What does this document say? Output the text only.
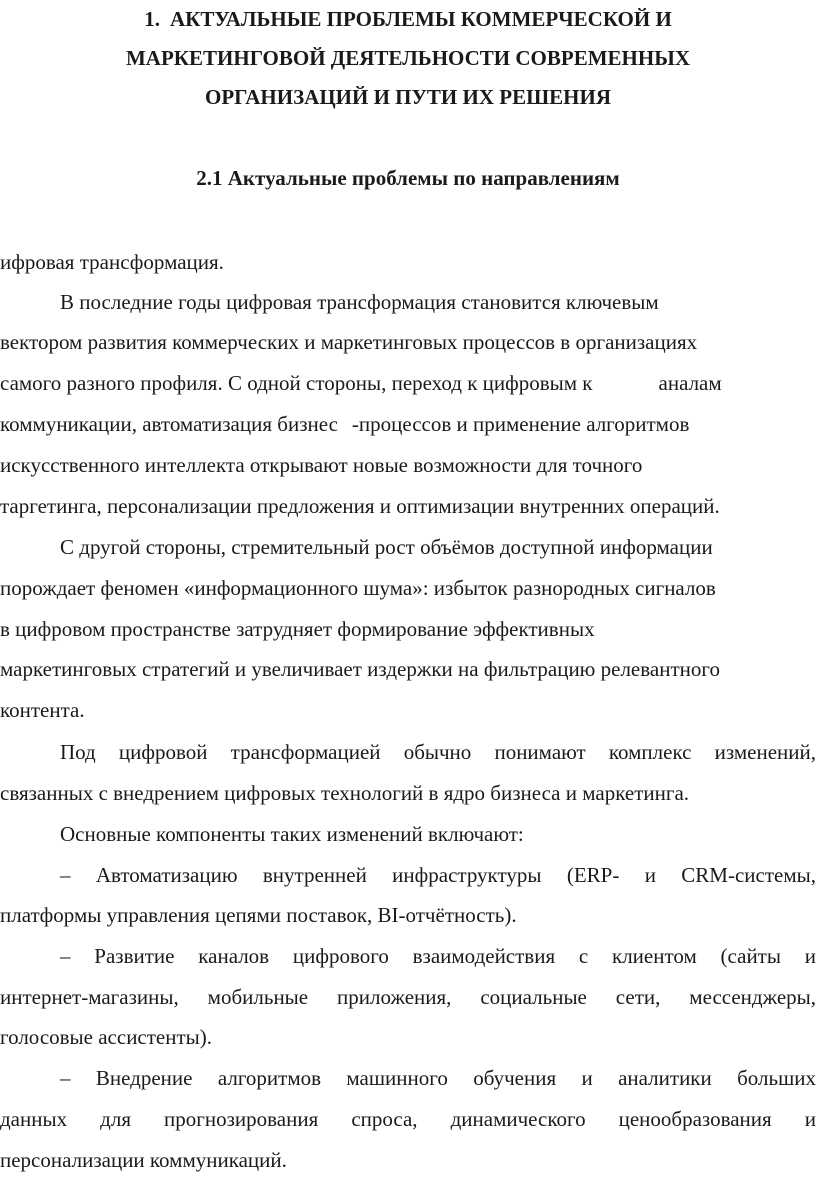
1. АКТУАЛЬНЫЕ ПРОБЛЕМЫ КОММЕРЧЕСКОЙ И
МАРКЕТИНГОВОЙ ДЕЯТЕЛЬНОСТИ СОВРЕМЕННЫХ
ОРГАНИЗАЦИЙ И ПУТИ ИХ РЕШЕНИЯ
2.1 Актуальные проблемы по направлениям

ифровая трансформация.

В последние годы цифровая трансформация становится ключевым

вектором развития коммерческих и маркетинговых процессов в организациях

самого разного профиля. С одной стороны, переход к цифровым к	аналам

коммуникации, автоматизация бизнес -процессов и применение алгоритмов

искусственного интеллекта открывают новые возможности для точного

таргетинга, персонализации предложения и оптимизации внутренних операций.

С другой стороны, стремительный рост объёмов доступной информации

порождает феномен «информационного шума»: избыток разнородных сигналов

в цифровом пространстве затрудняет формирование эффективных

маркетинговых стратегий и увеличивает издержки на фильтрацию релевантного

контента.

Под цифровой трансформацией обычно понимают комплекс изменений,

связанных с внедрением цифровых технологий в ядро бизнеса и маркетинга.

Основные компоненты таких изменений включают:

– Автоматизацию внутренней инфраструктуры (ERP- и CRM-системы,

платформы управления цепями поставок, BI-отчётность).

– Развитие каналов цифрового взаимодействия с клиентом (сайты и

интернет-магазины, мобильные приложения, социальные сети, мессенджеры,

голосовые ассистенты).

– Внедрение алгоритмов машинного обучения и аналитики больших

данных для прогнозирования спроса, динамического ценообразования и

персонализации коммуникаций.
